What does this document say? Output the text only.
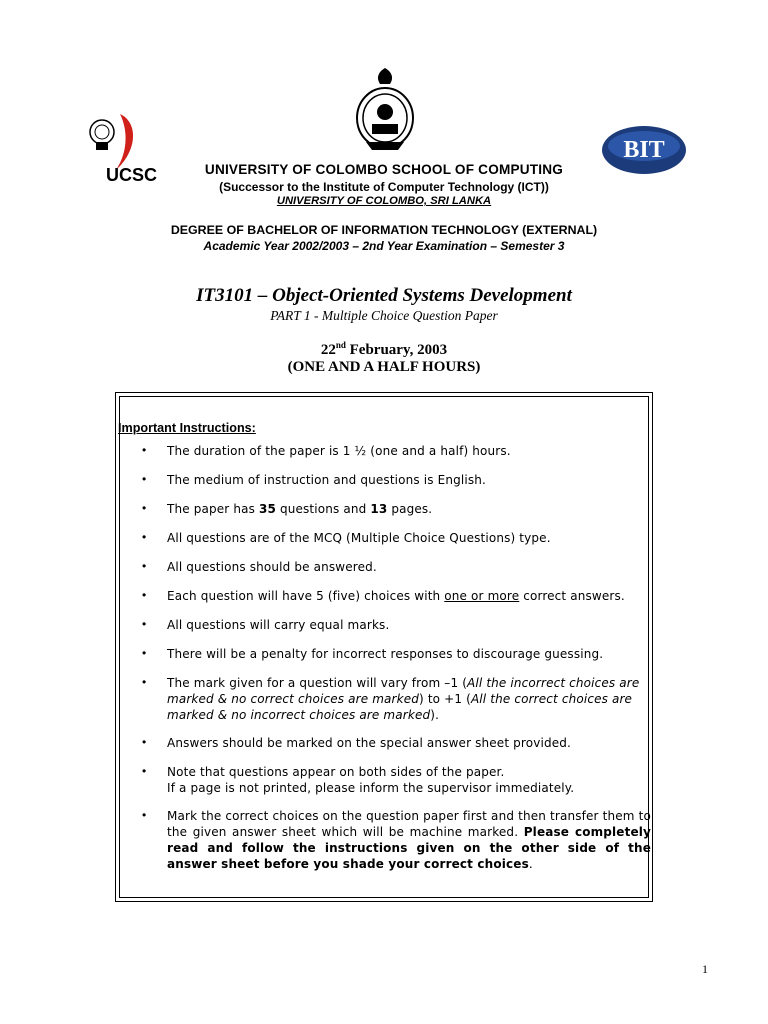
UCSC
BIT
UNIVERSITY OF COLOMBO SCHOOL OF COMPUTING
(Successor to the Institute of Computer Technology (ICT))
UNIVERSITY OF COLOMBO, SRI LANKA
DEGREE OF BACHELOR OF INFORMATION TECHNOLOGY (EXTERNAL)
Academic Year 2002/2003 – 2nd Year Examination – Semester 3
IT3101 – Object-Oriented Systems Development
PART 1 - Multiple Choice Question Paper
22nd February, 2003
(ONE AND A HALF HOURS)
Important Instructions:
•
•
•
•
•
•
•
•
•
•
•
•
The duration of the paper is 1 ½ (one and a half) hours.
The medium of instruction and questions is English.
The paper has 35 questions and 13 pages.
All questions are of the MCQ (Multiple Choice Questions) type.
All questions should be answered.
Each question will have 5 (five) choices with one or more correct answers.
All questions will carry equal marks.
There will be a penalty for incorrect responses to discourage guessing.
The mark given for a question will vary from –1 (All the incorrect choices are marked & no correct choices are marked) to +1 (All the correct choices are marked & no incorrect choices are marked).
Answers should be marked on the special answer sheet provided.
Note that questions appear on both sides of the paper.
If a page is not printed, please inform the supervisor immediately.
Mark the correct choices on the question paper first and then transfer them to the given answer sheet which will be machine marked. Please completely read and follow the instructions given on the other side of the answer sheet before you shade your correct choices.
1
